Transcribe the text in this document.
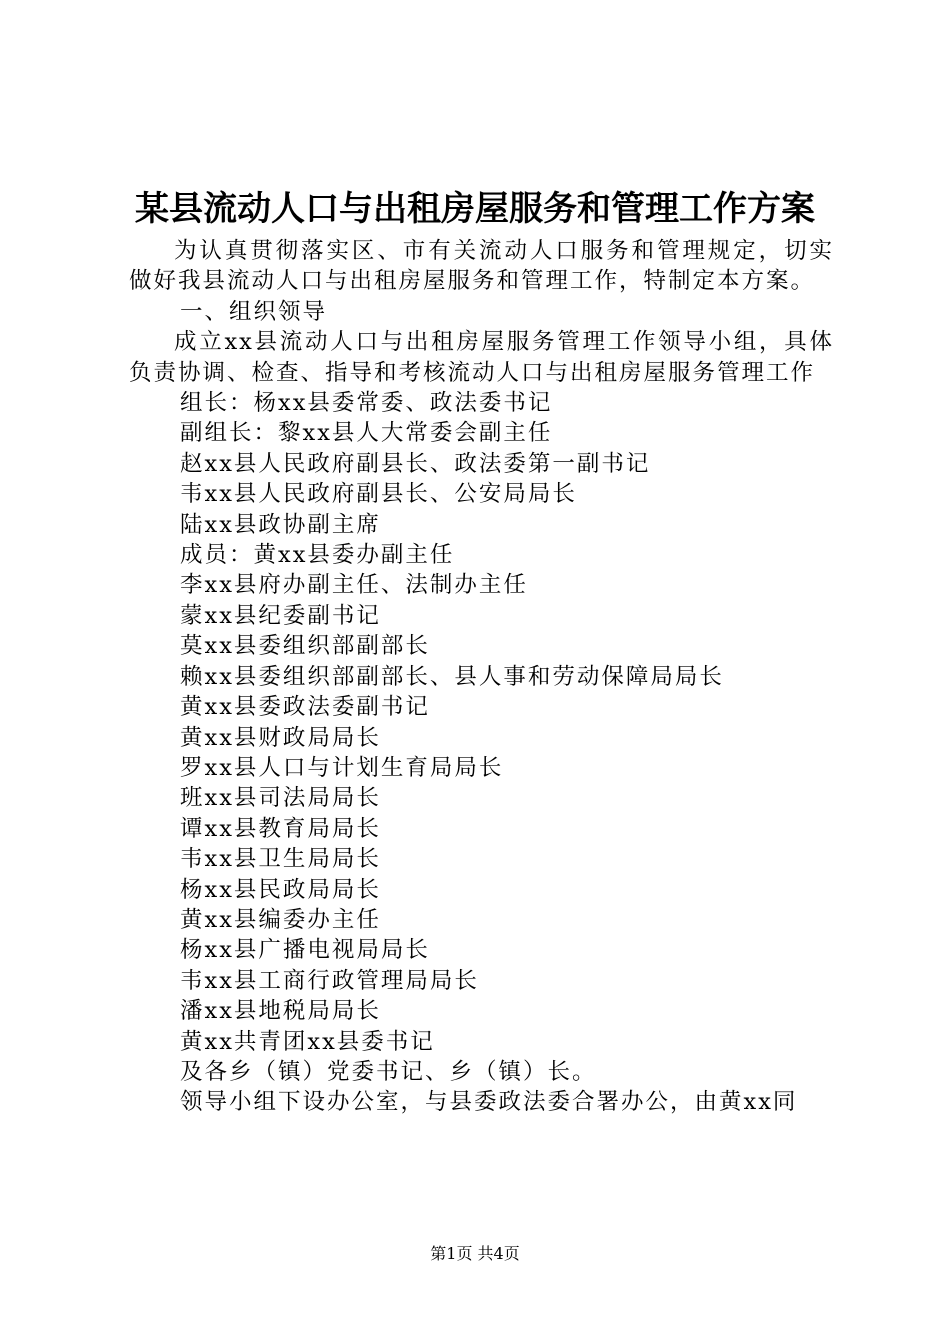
某县流动人口与出租房屋服务和管理工作方案

为认真贯彻落实区、市有关流动人口服务和管理规定，切实做好我县流动人口与出租房屋服务和管理工作，特制定本方案。

一、组织领导

成立xx县流动人口与出租房屋服务管理工作领导小组，具体负责协调、检查、指导和考核流动人口与出租房屋服务管理工作

组长：杨xx县委常委、政法委书记

副组长：黎xx县人大常委会副主任

赵xx县人民政府副县长、政法委第一副书记

韦xx县人民政府副县长、公安局局长

陆xx县政协副主席

成员：黄xx县委办副主任

李xx县府办副主任、法制办主任

蒙xx县纪委副书记

莫xx县委组织部副部长

赖xx县委组织部副部长、县人事和劳动保障局局长

黄xx县委政法委副书记

黄xx县财政局局长

罗xx县人口与计划生育局局长

班xx县司法局局长

谭xx县教育局局长

韦xx县卫生局局长

杨xx县民政局局长

黄xx县编委办主任

杨xx县广播电视局局长

韦xx县工商行政管理局局长

潘xx县地税局局长

黄xx共青团xx县委书记

及各乡（镇）党委书记、乡（镇）长。

领导小组下设办公室，与县委政法委合署办公，由黄xx同

第1页 共4页
